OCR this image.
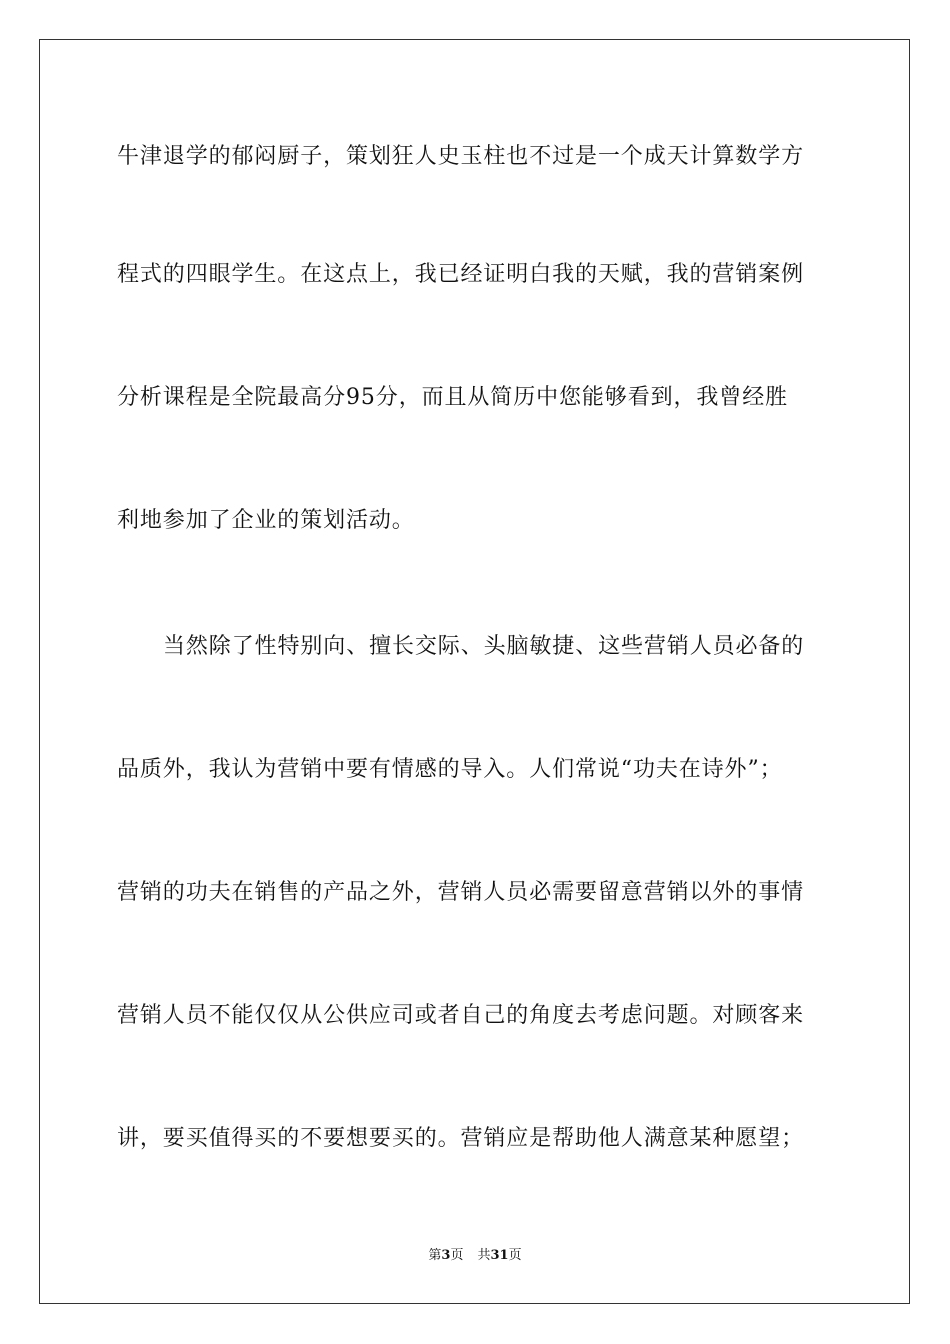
牛津退学的郁闷厨子，策划狂人史玉柱也不过是一个成天计算数学方
程式的四眼学生。在这点上，我已经证明白我的天赋，我的营销案例
分析课程是全院最高分95分，而且从简历中您能够看到，我曾经胜
利地参加了企业的策划活动。
当然除了性特别向、擅长交际、头脑敏捷、这些营销人员必备的
品质外，我认为营销中要有情感的导入。人们常说“功夫在诗外”；
营销的功夫在销售的产品之外，营销人员必需要留意营销以外的事情
营销人员不能仅仅从公供应司或者自己的角度去考虑问题。对顾客来
讲，要买值得买的不要想要买的。营销应是帮助他人满意某种愿望；
第3页 共31页
